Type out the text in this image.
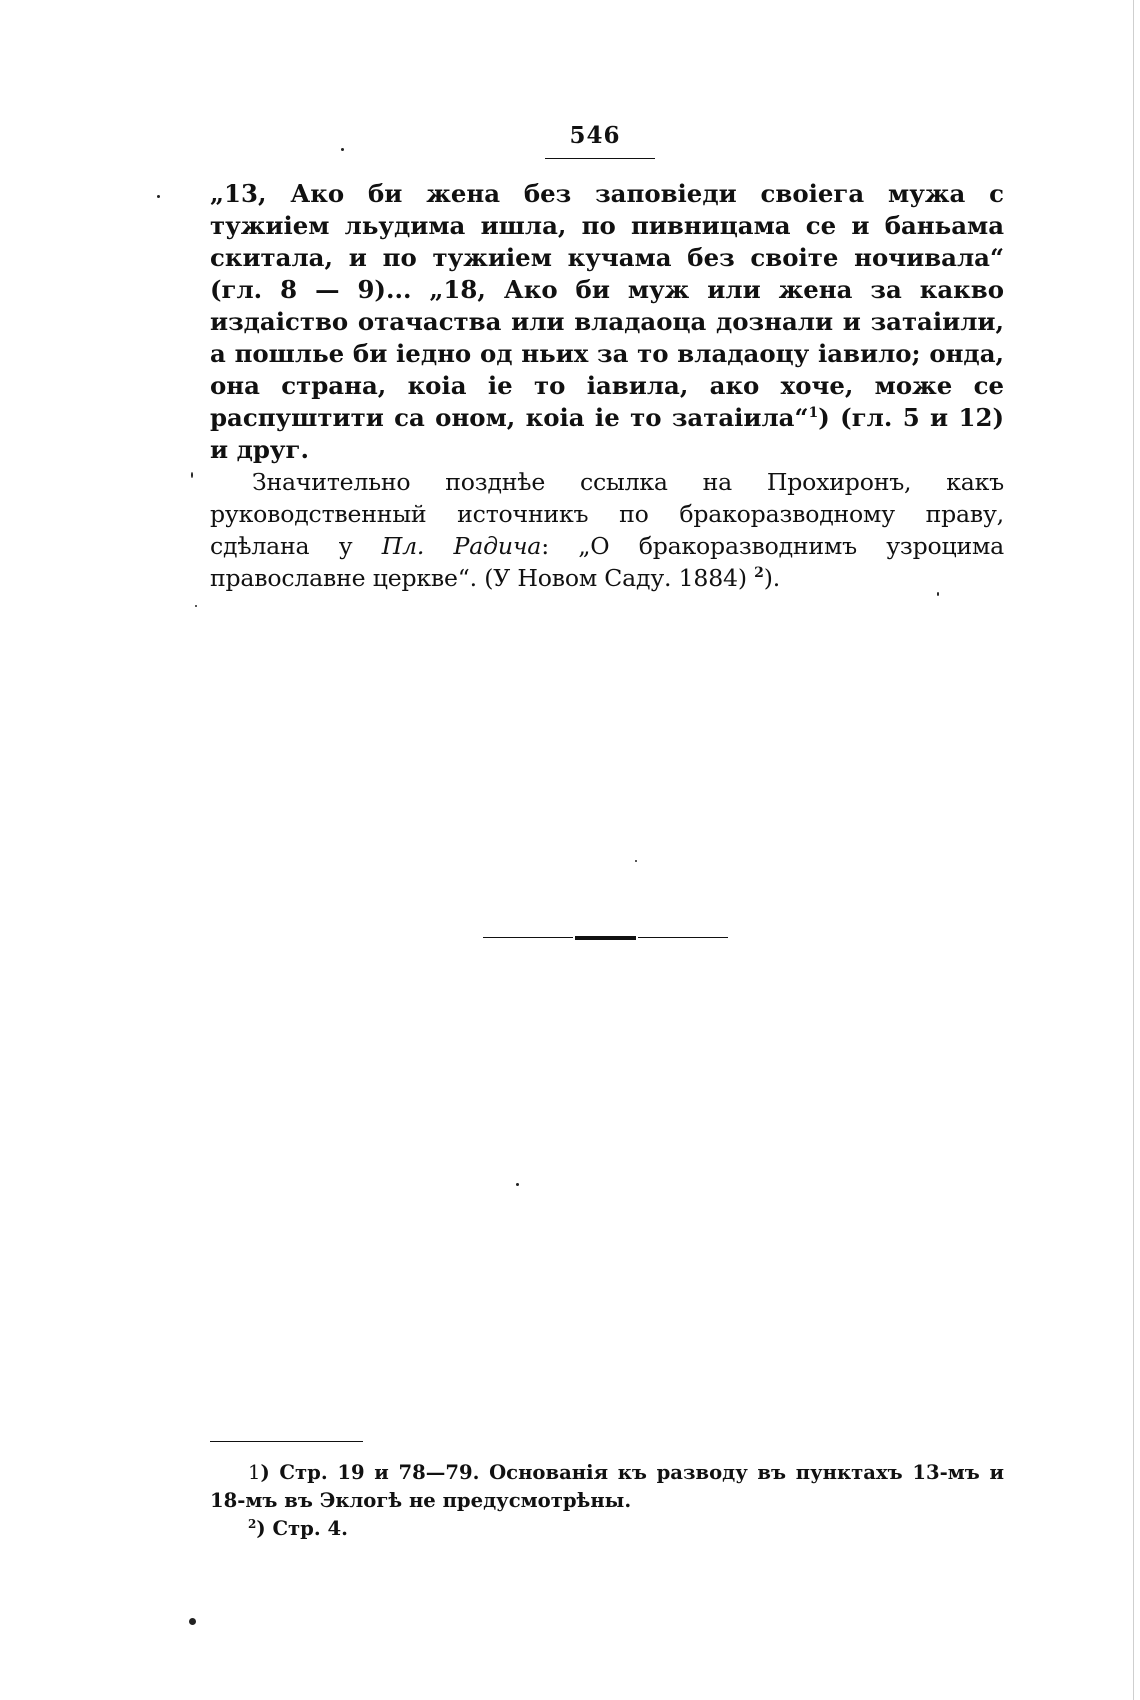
546

„13, Ако би жена без заповіеди своіега мужа с тужиіем льудима ишла, по пивницама се и баньама скитала, и по тужиіем кучама без своіте ночивала“ (гл. 8 — 9)... „18, Ако би муж или жена за какво издаіство отачаства или владаоца дознали и затаіили, а пошлье би іедно од ньих за то владаоцу іавило; онда, она страна, коіа іе то іавила, ако хоче, може се распуштити са оном, коіа іе то затаіила“$^1$) (гл. 5 и 12) и друг.

Значительно позднѣе ссылка на Прохиронъ, какъ руководственный источникъ по бракоразводному праву, сдѣлана у Пл. Радича: „О бракоразводнимъ узроцима православне церкве“. (У Новом Саду. 1884) $^2$).

1) Стр. 19 и 78—79. Основанія къ разводу въ пунктахъ 13-мъ и 18-мъ въ Эклогѣ не предусмотрѣны.

$^2$) Стр. 4.
